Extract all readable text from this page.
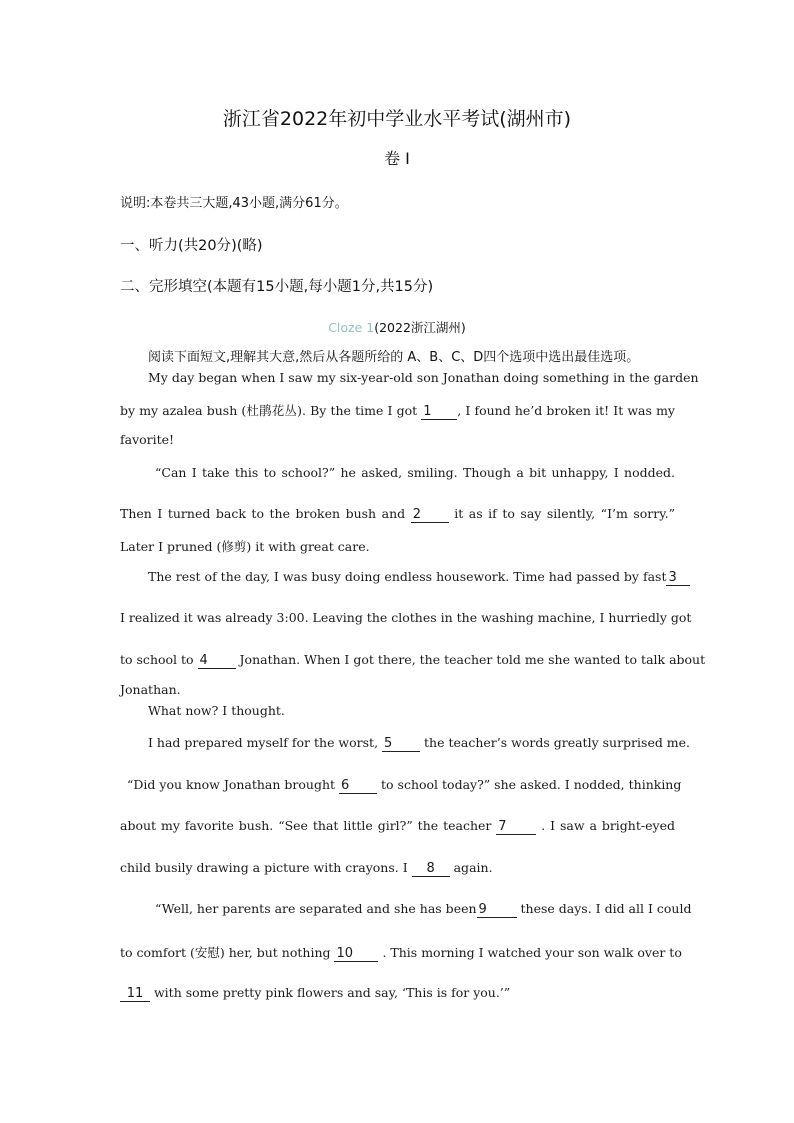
浙江省2022年初中学业水平考试(湖州市)
卷 I
说明:本卷共三大题,43小题,满分61分。
一、听力(共20分)(略)
二、完形填空(本题有15小题,每小题1分,共15分)
Cloze 1(2022浙江湖州)
阅读下面短文,理解其大意,然后从各题所给的 A、B、C、D四个选项中选出最佳选项。
My day began when I saw my six-year-old son Jonathan doing something in the garden
by my azalea bush (杜鹃花丛). By the time I got 1 , I found he’d broken it! It was my
favorite!
“Can I take this to school?” he asked, smiling. Though a bit unhappy, I nodded.
Then I turned back to the broken bush and 2	it as if to say silently, “I’m sorry.”
Later I pruned (修剪) it with great care.
The rest of the day, I was busy doing endless housework. Time had passed by fast 3
I realized it was already 3:00. Leaving the clothes in the washing machine, I hurriedly got
to school to 4	Jonathan. When I got there, the teacher told me she wanted to talk about
Jonathan.
What now? I thought.
I had prepared myself for the worst, 5	the teacher’s words greatly surprised me.
“Did you know Jonathan brought 6	to school today?” she asked. I nodded, thinking
about my favorite bush. “See that little girl?” the teacher 7	. I saw a bright-eyed
child busily drawing a picture with crayons. I 8 again.
“Well, her parents are separated and she has been 9	these days. I did all I could
to comfort (安慰) her, but nothing 10 . This morning I watched your son walk over to
11 with some pretty pink flowers and say, ‘This is for you.’”
